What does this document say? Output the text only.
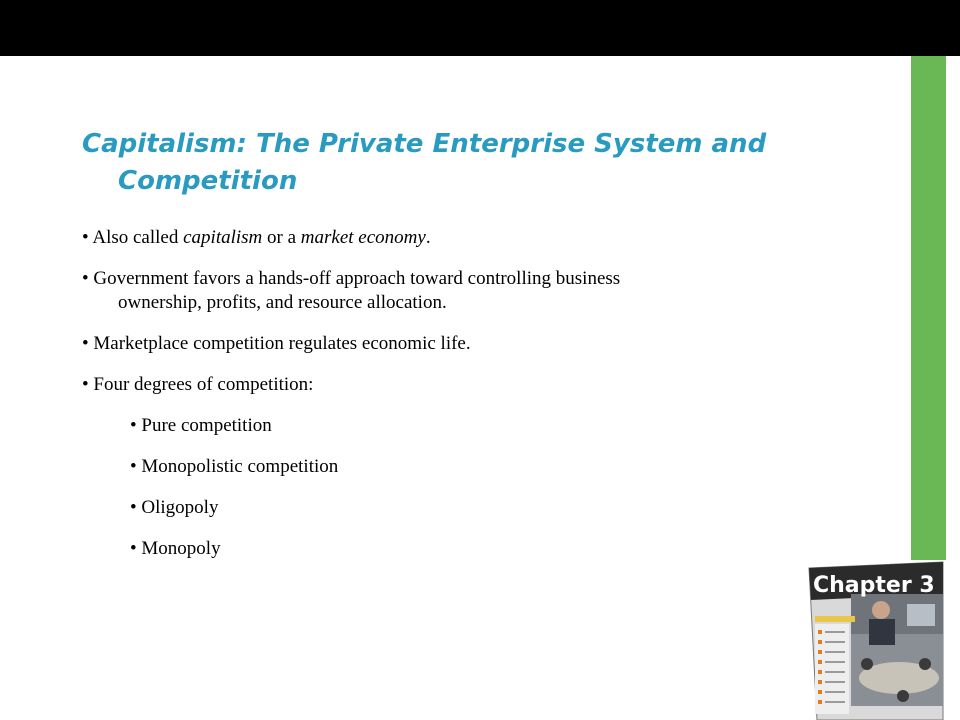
Capitalism: The Private Enterprise System and
Competition

• Also called capitalism or a market economy.

• Government favors a hands-off approach toward controlling business
ownership, profits, and resource allocation.

• Marketplace competition regulates economic life.

• Four degrees of competition:

• Pure competition

• Monopolistic competition

• Oligopoly

• Monopoly

Chapter 3
